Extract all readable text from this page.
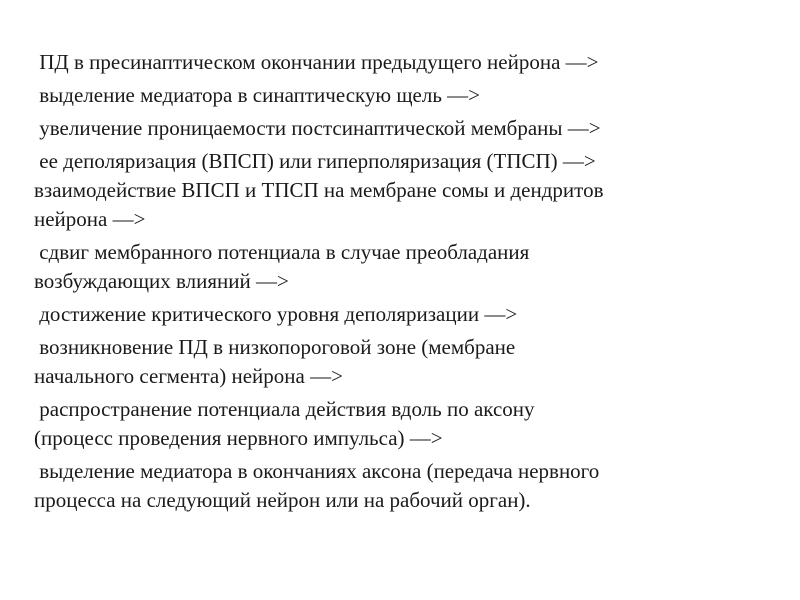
ПД в пресинаптическом окончании предыдущего нейрона —>
выделение медиатора в синаптическую щель —>
увеличение проницаемости постсинаптической мембраны —>
ее деполяризация (ВПСП) или гиперполяризация (ТПСП) —>
взаимодействие ВПСП и ТПСП на мембране сомы и дендритов
нейрона —>
сдвиг мембранного потенциала в случае преобладания
возбуждающих влияний —>
достижение критического уровня деполяризации —>
возникновение ПД в низкопороговой зоне (мембране
начального сегмента) нейрона —>
распространение потенциала действия вдоль по аксону
(процесс проведения нервного импульса) —>
выделение медиатора в окончаниях аксона (передача нервного
процесса на следующий нейрон или на рабочий орган).
